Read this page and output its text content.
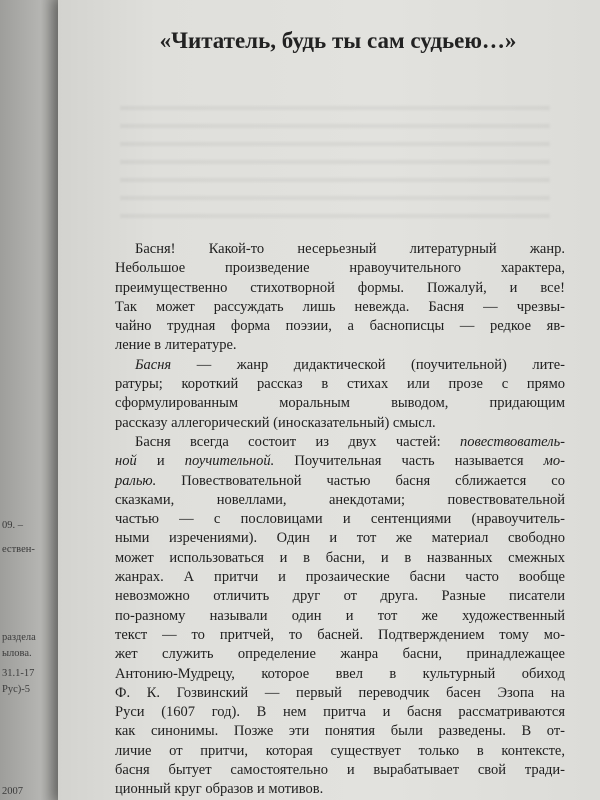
09. –
ествен-
раздела
ылова.
31.1-17
Рус)-5
2007
«Читатель, будь ты сам судьею…»
Басня! Какой-то несерьезный литературный жанр.
Небольшое произведение нравоучительного характера,
преимущественно стихотворной формы. Пожалуй, и все!
Так может рассуждать лишь невежда. Басня — чрезвы-
чайно трудная форма поэзии, а баснописцы — редкое яв-
ление в литературе.
Басня — жанр дидактической (поучительной) лите-
ратуры; короткий рассказ в стихах или прозе с прямо
сформулированным моральным выводом, придающим
рассказу аллегорический (иносказательный) смысл.
Басня всегда состоит из двух частей: повествователь-
ной и поучительной. Поучительная часть называется мо-
ралью. Повествовательной частью басня сближается со
сказками, новеллами, анекдотами; повествовательной
частью — с пословицами и сентенциями (нравоучитель-
ными изречениями). Один и тот же материал свободно
может использоваться и в басни, и в названных смежных
жанрах. А притчи и прозаические басни часто вообще
невозможно отличить друг от друга. Разные писатели
по-разному называли один и тот же художественный
текст — то притчей, то басней. Подтверждением тому мо-
жет служить определение жанра басни, принадлежащее
Антонию-Мудрецу, которое ввел в культурный обиход
Ф. К. Гозвинский — первый переводчик басен Эзопа на
Руси (1607 год). В нем притча и басня рассматриваются
как синонимы. Позже эти понятия были разведены. В от-
личие от притчи, которая существует только в контексте,
басня бытует самостоятельно и вырабатывает свой тради-
ционный круг образов и мотивов.
